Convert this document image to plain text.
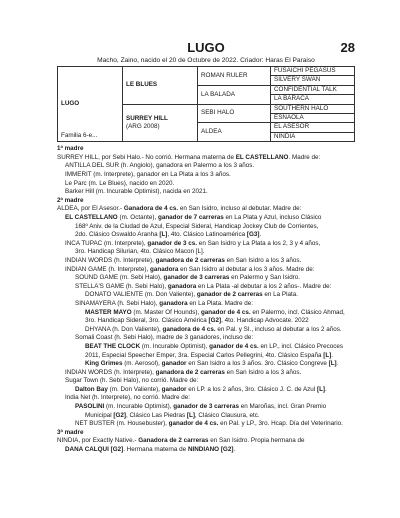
LUGO	28
Macho, Zaino, nacido el 20 de Octubre de 2022. Criador: Haras El Paraiso
LUGO
Familia 6-e...	LE BLUES	ROMAN RULER	FUSAICHI PEGASUS
			SILVERY SWAN
		LA BALADA	CONFIDENTIAL TALK
			LA BARACA

	SURREY HILL
(ARG 2008)	SEBI HALO	SOUTHERN HALO
			ESNAOLA
		ALDEA	EL ASESOR
			NINDIA

1ª madre

SURREY HILL, por Sebi Halo.- No corrió. Hermana materna de EL CASTELLANO. Madre de:

ANTILLA DEL SUR (h. Angiolo), ganadora en Palermo a los 3 años.

IMMERIT (m. Interprete), ganador en La Plata a los 3 años.

Le Parc (m. Le Blues), nacido en 2020.

Barker Hill (m. Incurable Optimist), nacida en 2021.

2ª madre

ALDEA, por El Asesor.- Ganadora de 4 cs. en San Isidro, incluso al debutar. Madre de:

EL CASTELLANO (m. Octante), ganador de 7 carreras en La Plata y Azul, incluso Clásico

168º Aniv. de la Ciudad de Azul, Especial Sideral, Handicap Jockey Club de Corrientes,

2do. Clásico Oswaldo Aranha [L], 4to. Clásico Latinoamérica [G3].

INCA TUPAC (m. Interprete), ganador de 3 cs. en San Isidro y La Plata a los 2, 3 y 4 años,

3ro. Handicap Silurian, 4to. Clásico Macon [L].

INDIAN WORDS (h. Interprete), ganadora de 2 carreras en San Isidro a los 3 años.

INDIAN GAME (h. Interprete), ganadora en San Isidro al debutar a los 3 años. Madre de:

SOUND GAME (m. Sebi Halo), ganador de 3 carreras en Palermo y San Isidro.

STELLA'S GAME (h. Sebi Halo), ganadora en La Plata -al debutar a los 2 años-. Madre de:

DONATO VALIENTE (m. Don Valiente), ganador de 2 carreras en La Plata.

SINAMAYERA (h. Sebi Halo), ganadora en La Plata. Madre de:

MASTER MAYO (m. Master Of Hounds), ganador de 4 cs. en Palermo, incl. Clásico Ahmad,

3ro. Handicap Sideral, 3ro. Clásico América [G2], 4to. Handicap Advocate. 2022

DHYANA (h. Don Valiente), ganadora de 4 cs. en Pal. y SI., incluso al debutar a los 2 años.

Somali Coast (h. Sebi Halo), madre de 3 ganadores, incluso de:

BEAT THE CLOCK (m. Incurable Optimist), ganador de 4 cs. en LP., incl. Clásico Precoces

2011, Especial Speecher Emper, 3ra. Especial Carlos Pellegrini, 4to. Clásico España [L].

King Grimes (m. Aerosol), ganador en San Isidro a los 3 años. 3ro. Clásico Congreve [L].

INDIAN WORDS (h. Interprete), ganadora de 2 carreras en San Isidro a los 3 años.

Sugar Town (h. Sebi Halo), no corrió. Madre de:

Dalton Bay (m. Don Valiente), ganador en LP. a los 2 años, 3ro. Clásico J. C. de Azul [L].

India Net (h. Interprete), no corrió. Madre de:

PASOLINI (m. Incurable Optimist), ganador de 3 carreras en Maroñas, incl. Gran Premio

Municipal [G2], Clásico Las Piedras [L], Clásico Clausura, etc.

NET BUSTER (m. Housebuster), ganador de 4 cs. en Pal. y LP., 3ro. Hcap. Día del Veterinario.

3ª madre

NINDIA, por Exactly Native.- Ganadora de 2 carreras en San Isidro. Propia hermana de

DANA CALQUI [G2]. Hermana materna de NINDIANO [G2].
